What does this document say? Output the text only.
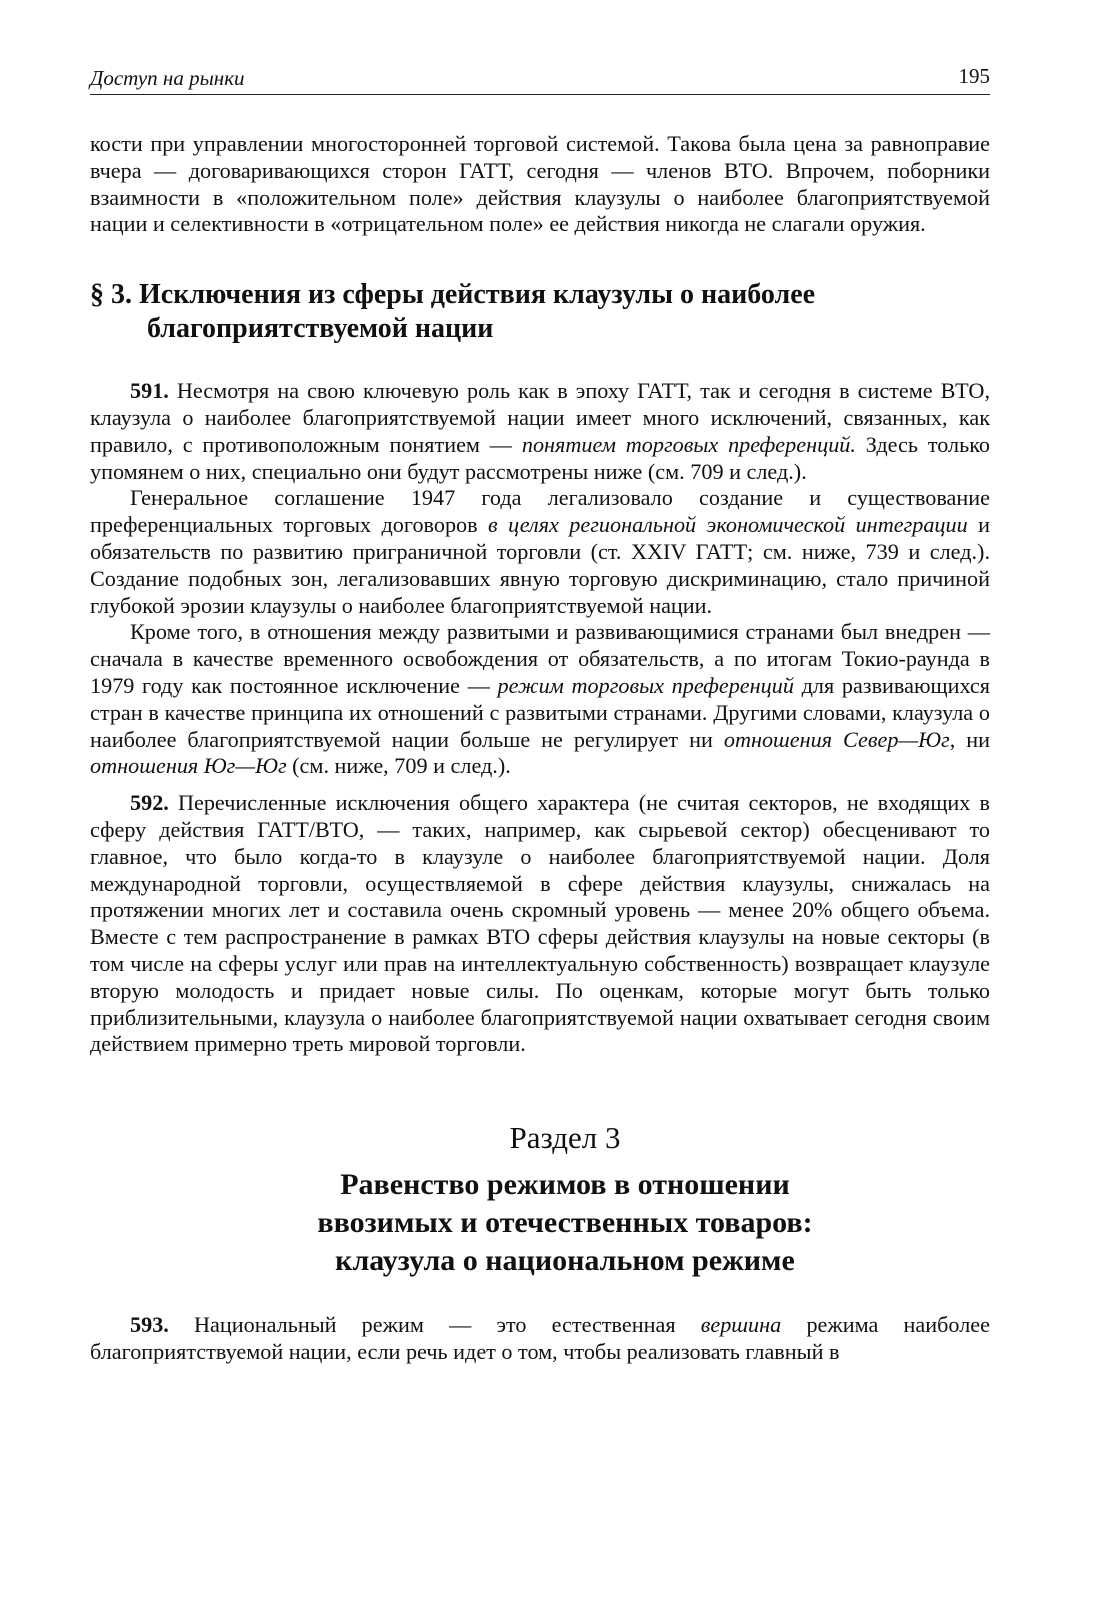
Доступ на рынки	195

кости при управлении многосторонней торговой системой. Такова была цена за равноправие вчера — договаривающихся сторон ГАТТ, сегодня — членов ВТО. Впрочем, поборники взаимности в «положительном поле» действия клаузулы о наиболее благоприятствуемой нации и селективности в «отрицательном поле» ее действия никогда не слагали оружия.

§ 3. Исключения из сферы действия клаузулы о наиболее благоприятствуемой нации

591. Несмотря на свою ключевую роль как в эпоху ГАТТ, так и сегодня в системе ВТО, клаузула о наиболее благоприятствуемой нации имеет много исключений, связанных, как правило, с противоположным понятием — понятием торговых преференций. Здесь только упомянем о них, специально они будут рассмотрены ниже (см. 709 и след.).

Генеральное соглашение 1947 года легализовало создание и существование преференциальных торговых договоров в целях региональной экономической интеграции и обязательств по развитию приграничной торговли (ст. XXIV ГАТТ; см. ниже, 739 и след.). Создание подобных зон, легализовавших явную торговую дискриминацию, стало причиной глубокой эрозии клаузулы о наиболее благоприятствуемой нации.

Кроме того, в отношения между развитыми и развивающимися странами был внедрен — сначала в качестве временного освобождения от обязательств, а по итогам Токио-раунда в 1979 году как постоянное исключение — режим торговых преференций для развивающихся стран в качестве принципа их отношений с развитыми странами. Другими словами, клаузула о наиболее благоприятствуемой нации больше не регулирует ни отношения Север—Юг, ни отношения Юг—Юг (см. ниже, 709 и след.).

592. Перечисленные исключения общего характера (не считая секторов, не входящих в сферу действия ГАТТ/ВТО, — таких, например, как сырьевой сектор) обесценивают то главное, что было когда-то в клаузуле о наиболее благоприятствуемой нации. Доля международной торговли, осуществляемой в сфере действия клаузулы, снижалась на протяжении многих лет и составила очень скромный уровень — менее 20% общего объема. Вместе с тем распространение в рамках ВТО сферы действия клаузулы на новые секторы (в том числе на сферы услуг или прав на интеллектуальную собственность) возвращает клаузуле вторую молодость и придает новые силы. По оценкам, которые могут быть только приблизительными, клаузула о наиболее благоприятствуемой нации охватывает сегодня своим действием примерно треть мировой торговли.

Раздел 3
Равенство режимов в отношении
ввозимых и отечественных товаров:
клаузула о национальном режиме

593. Национальный режим — это естественная вершина режима наиболее благоприятствуемой нации, если речь идет о том, чтобы реализовать главный в
